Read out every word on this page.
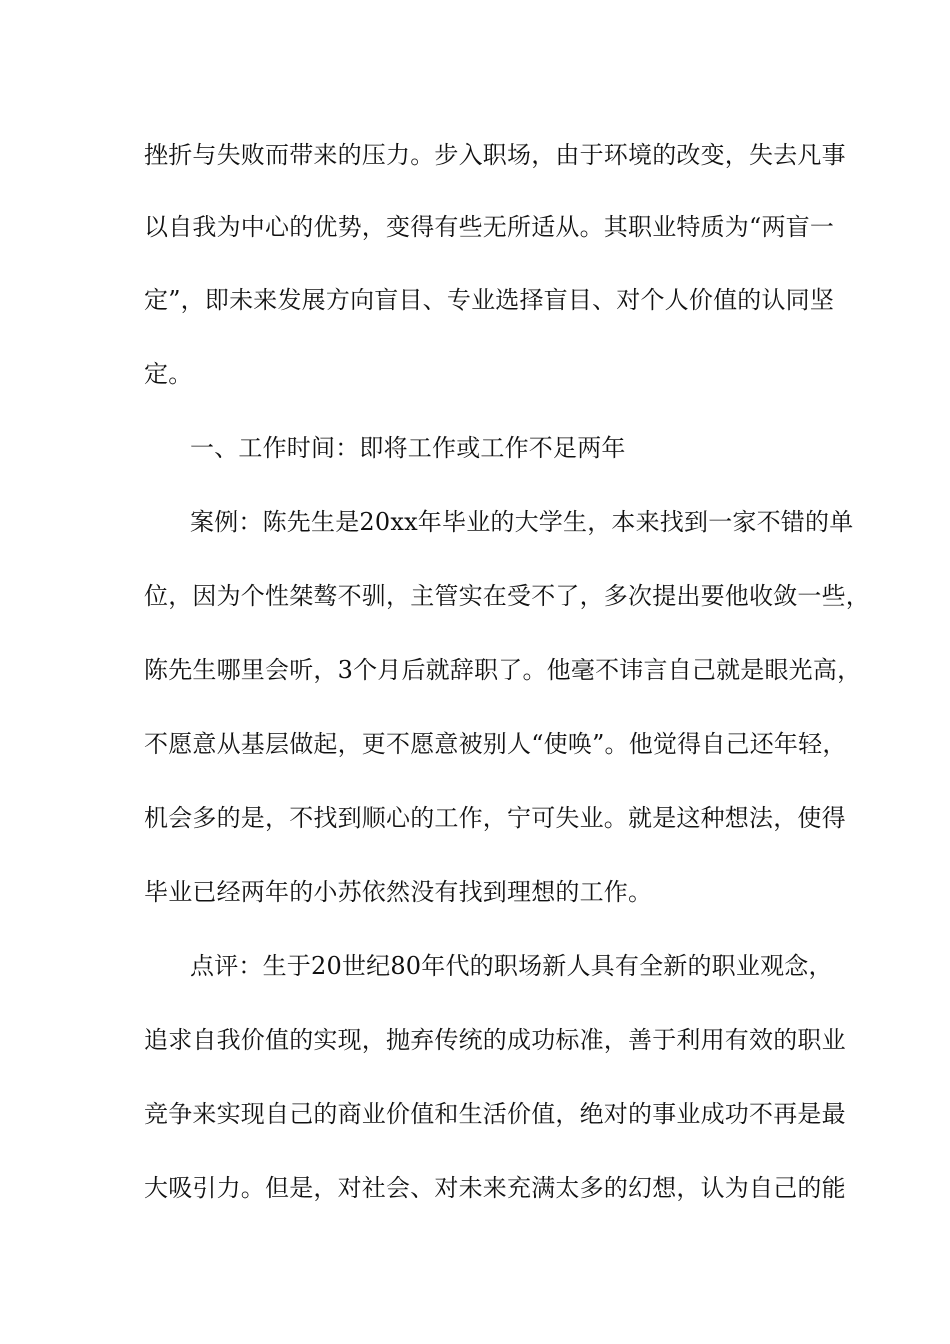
挫折与失败而带来的压力。步入职场，由于环境的改变，失去凡事
以自我为中心的优势，变得有些无所适从。其职业特质为“两盲一
定”，即未来发展方向盲目、专业选择盲目、对个人价值的认同坚
定。
一、工作时间：即将工作或工作不足两年
案例：陈先生是20xx年毕业的大学生，本来找到一家不错的单
位，因为个性桀骜不驯，主管实在受不了，多次提出要他收敛一些，
陈先生哪里会听，3个月后就辞职了。他毫不讳言自己就是眼光高，
不愿意从基层做起，更不愿意被别人“使唤”。他觉得自己还年轻，
机会多的是，不找到顺心的工作，宁可失业。就是这种想法，使得
毕业已经两年的小苏依然没有找到理想的工作。
点评：生于20世纪80年代的职场新人具有全新的职业观念，
追求自我价值的实现，抛弃传统的成功标准，善于利用有效的职业
竞争来实现自己的商业价值和生活价值，绝对的事业成功不再是最
大吸引力。但是，对社会、对未来充满太多的幻想，认为自己的能
